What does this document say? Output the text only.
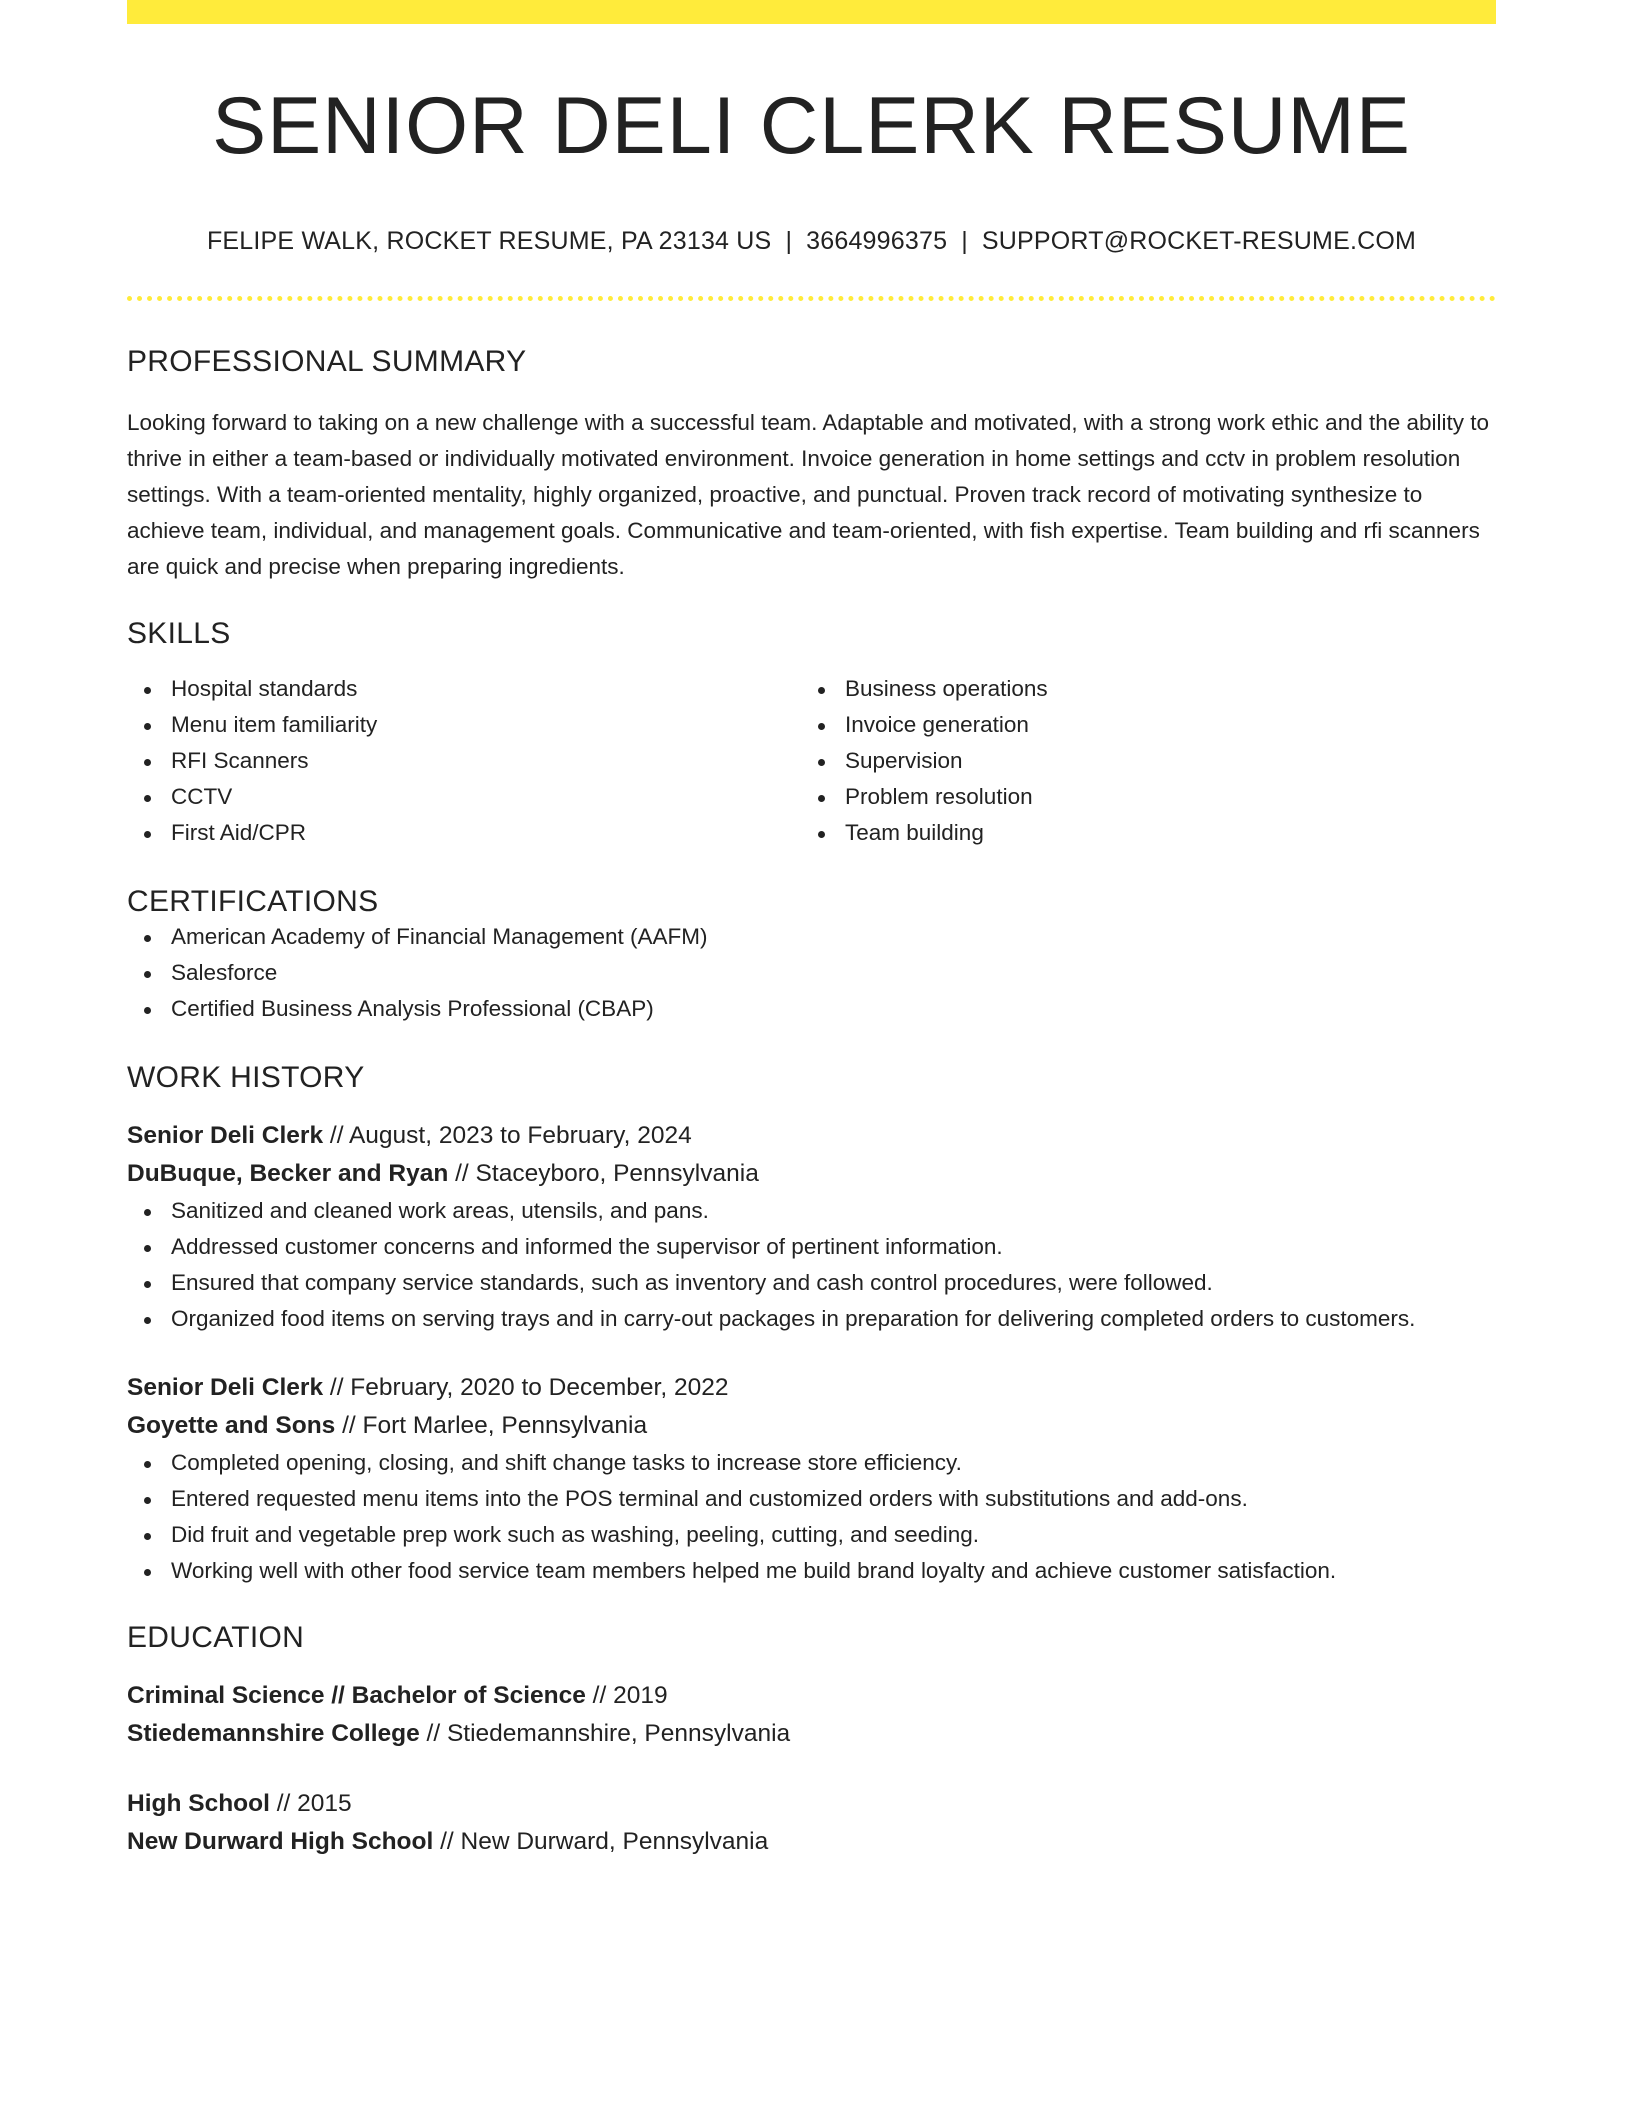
SENIOR DELI CLERK RESUME
FELIPE WALK, ROCKET RESUME, PA 23134 US | 3664996375 | SUPPORT@ROCKET-RESUME.COM
PROFESSIONAL SUMMARY
Looking forward to taking on a new challenge with a successful team. Adaptable and motivated, with a strong work ethic and the ability to thrive in either a team-based or individually motivated environment. Invoice generation in home settings and cctv in problem resolution settings. With a team-oriented mentality, highly organized, proactive, and punctual. Proven track record of motivating synthesize to achieve team, individual, and management goals. Communicative and team-oriented, with fish expertise. Team building and rfi scanners are quick and precise when preparing ingredients.
SKILLS
Hospital standards
Menu item familiarity
RFI Scanners
CCTV
First Aid/CPR
Business operations
Invoice generation
Supervision
Problem resolution
Team building
CERTIFICATIONS
American Academy of Financial Management (AAFM)
Salesforce
Certified Business Analysis Professional (CBAP)
WORK HISTORY
Senior Deli Clerk // August, 2023 to February, 2024
DuBuque, Becker and Ryan // Staceyboro, Pennsylvania
Sanitized and cleaned work areas, utensils, and pans.
Addressed customer concerns and informed the supervisor of pertinent information.
Ensured that company service standards, such as inventory and cash control procedures, were followed.
Organized food items on serving trays and in carry-out packages in preparation for delivering completed orders to customers.
Senior Deli Clerk // February, 2020 to December, 2022
Goyette and Sons // Fort Marlee, Pennsylvania
Completed opening, closing, and shift change tasks to increase store efficiency.
Entered requested menu items into the POS terminal and customized orders with substitutions and add-ons.
Did fruit and vegetable prep work such as washing, peeling, cutting, and seeding.
Working well with other food service team members helped me build brand loyalty and achieve customer satisfaction.
EDUCATION
Criminal Science // Bachelor of Science // 2019
Stiedemannshire College // Stiedemannshire, Pennsylvania
High School // 2015
New Durward High School // New Durward, Pennsylvania
